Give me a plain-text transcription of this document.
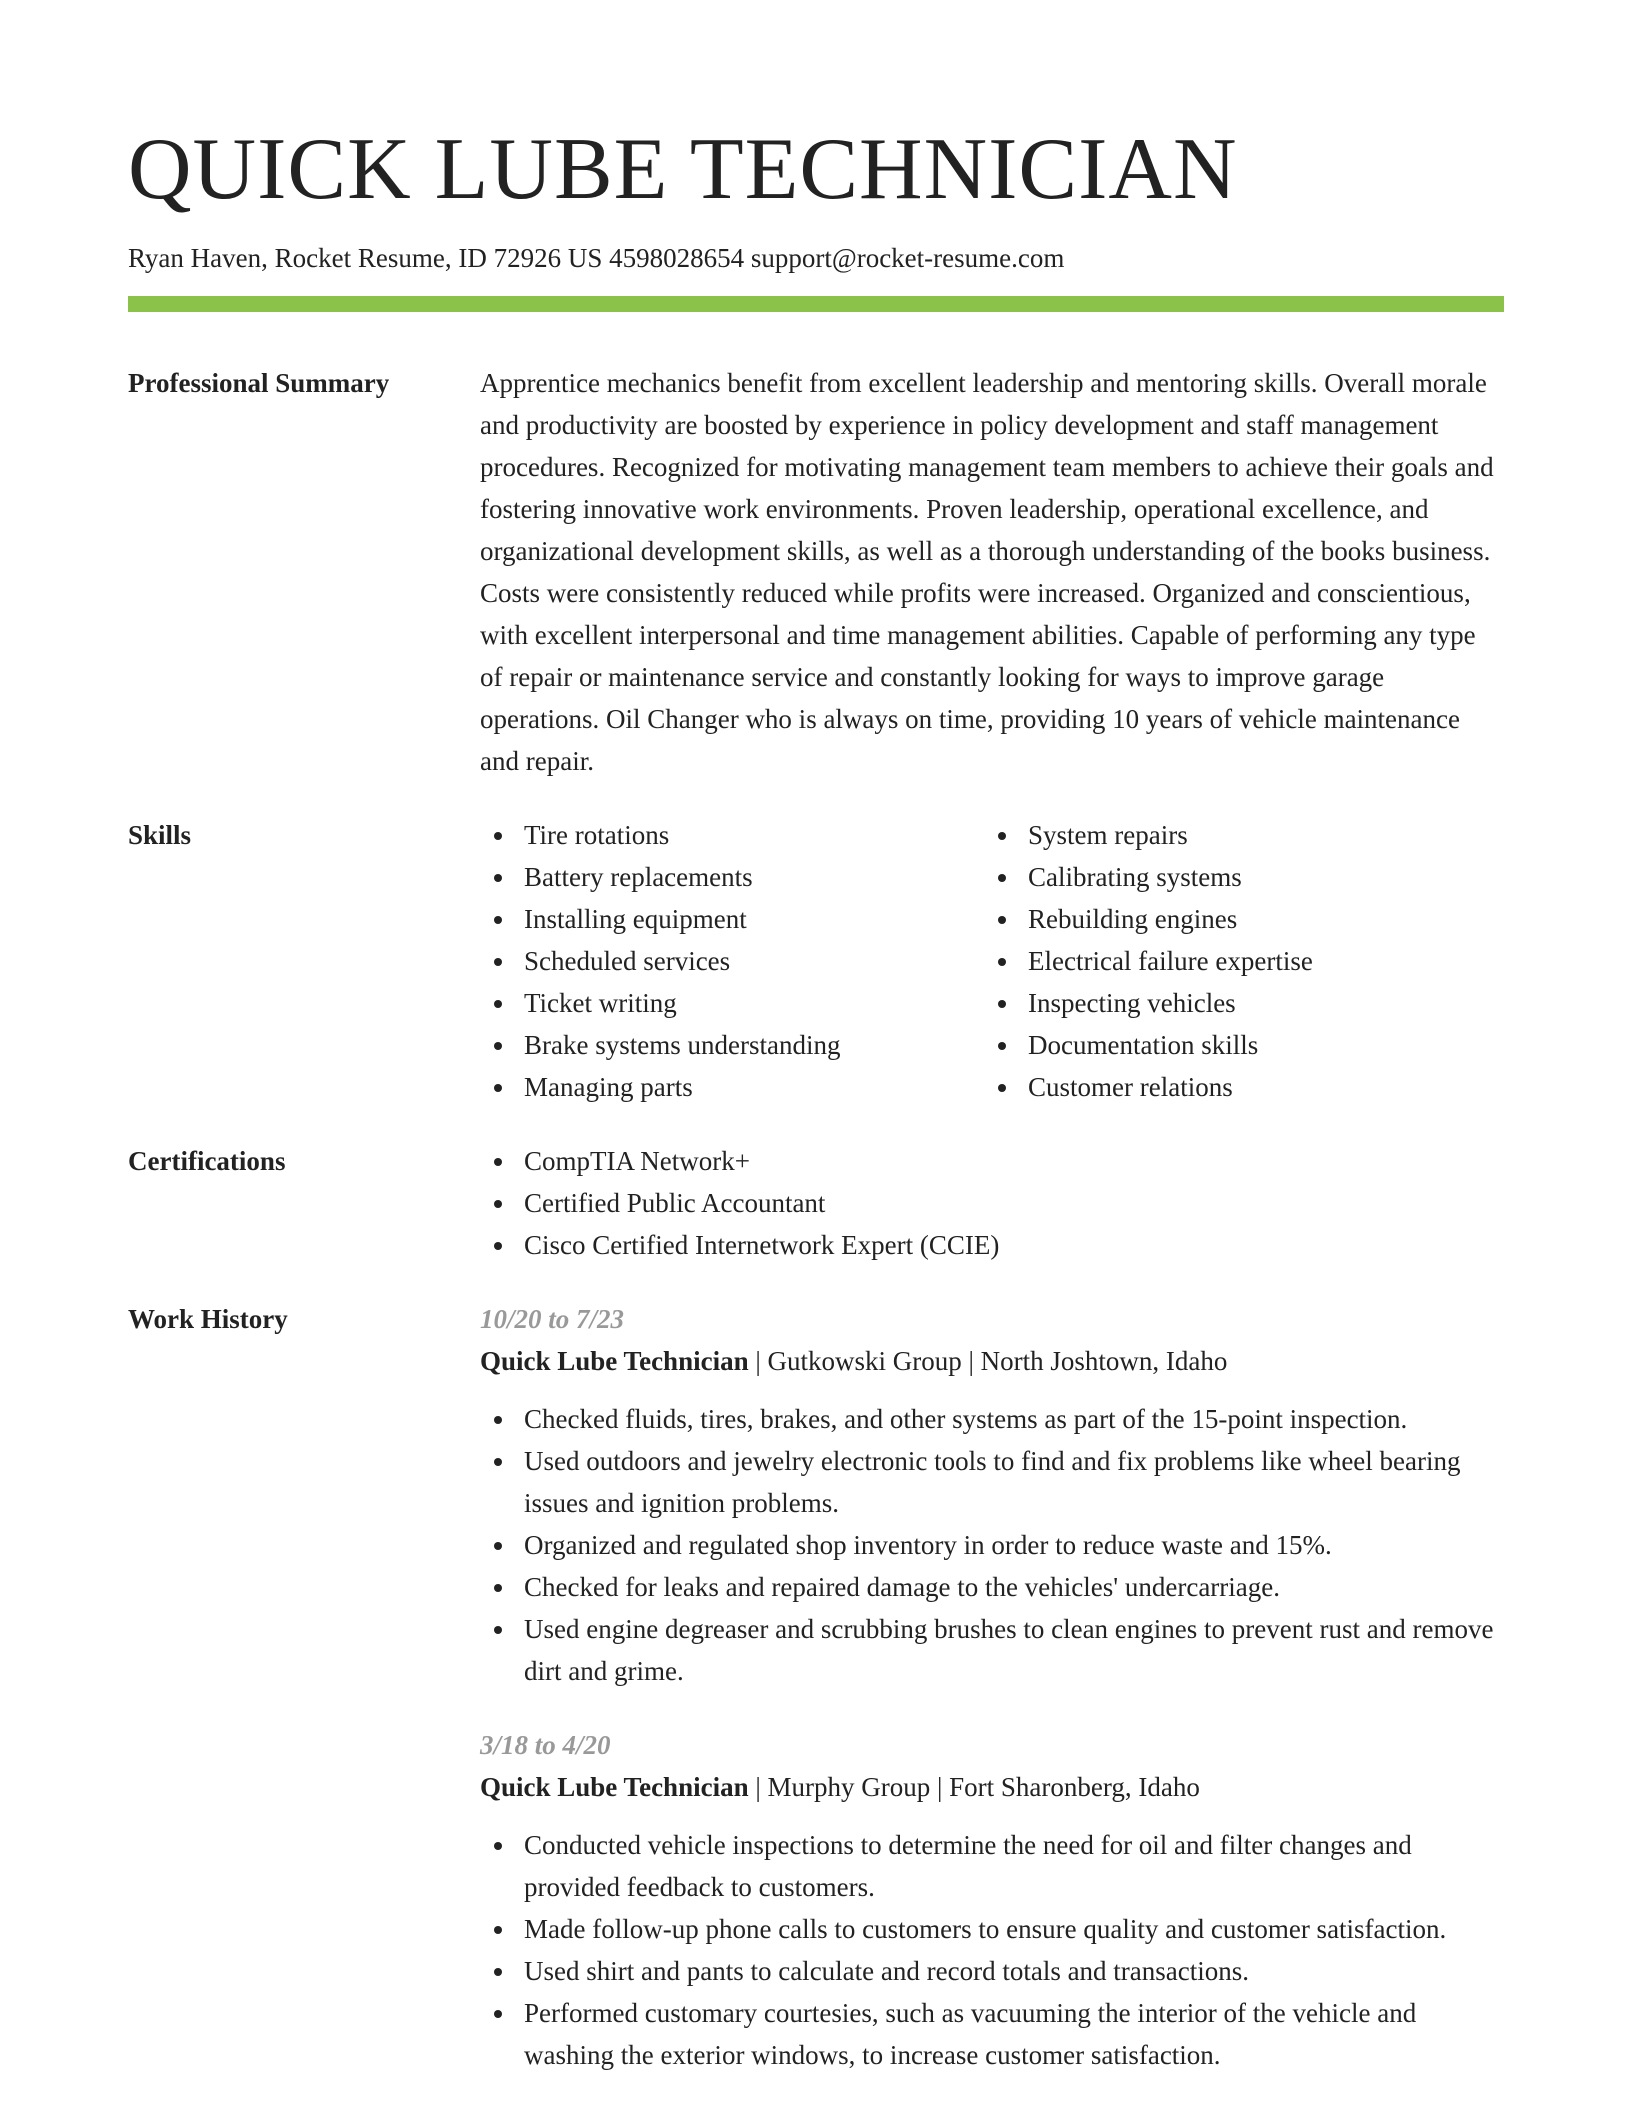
QUICK LUBE TECHNICIAN
Ryan Haven, Rocket Resume, ID 72926 US 4598028654 support@rocket-resume.com
Professional Summary	Apprentice mechanics benefit from excellent leadership and mentoring skills. Overall morale and productivity are boosted by experience in policy development and staff management procedures. Recognized for motivating management team members to achieve their goals and fostering innovative work environments. Proven leadership, operational excellence, and organizational development skills, as well as a thorough understanding of the books business. Costs were consistently reduced while profits were increased. Organized and conscientious, with excellent interpersonal and time management abilities. Capable of performing any type of repair or maintenance service and constantly looking for ways to improve garage operations. Oil Changer who is always on time, providing 10 years of vehicle maintenance and repair.

Skills	Tire rotations
Battery replacements
Installing equipment
Scheduled services
Ticket writing
Brake systems understanding
Managing parts
System repairs
Calibrating systems
Rebuilding engines
Electrical failure expertise
Inspecting vehicles
Documentation skills
Customer relations
Certifications	CompTIA Network+
Certified Public Accountant
Cisco Certified Internetwork Expert (CCIE)
Work History	10/20 to 7/23
Quick Lube Technician | Gutkowski Group | North Joshtown, Idaho
Checked fluids, tires, brakes, and other systems as part of the 15-point inspection.
Used outdoors and jewelry electronic tools to find and fix problems like wheel bearing issues and ignition problems.
Organized and regulated shop inventory in order to reduce waste and 15%.
Checked for leaks and repaired damage to the vehicles' undercarriage.
Used engine degreaser and scrubbing brushes to clean engines to prevent rust and remove dirt and grime.
3/18 to 4/20
Quick Lube Technician | Murphy Group | Fort Sharonberg, Idaho
Conducted vehicle inspections to determine the need for oil and filter changes and provided feedback to customers.
Made follow-up phone calls to customers to ensure quality and customer satisfaction.
Used shirt and pants to calculate and record totals and transactions.
Performed customary courtesies, such as vacuuming the interior of the vehicle and washing the exterior windows, to increase customer satisfaction.
